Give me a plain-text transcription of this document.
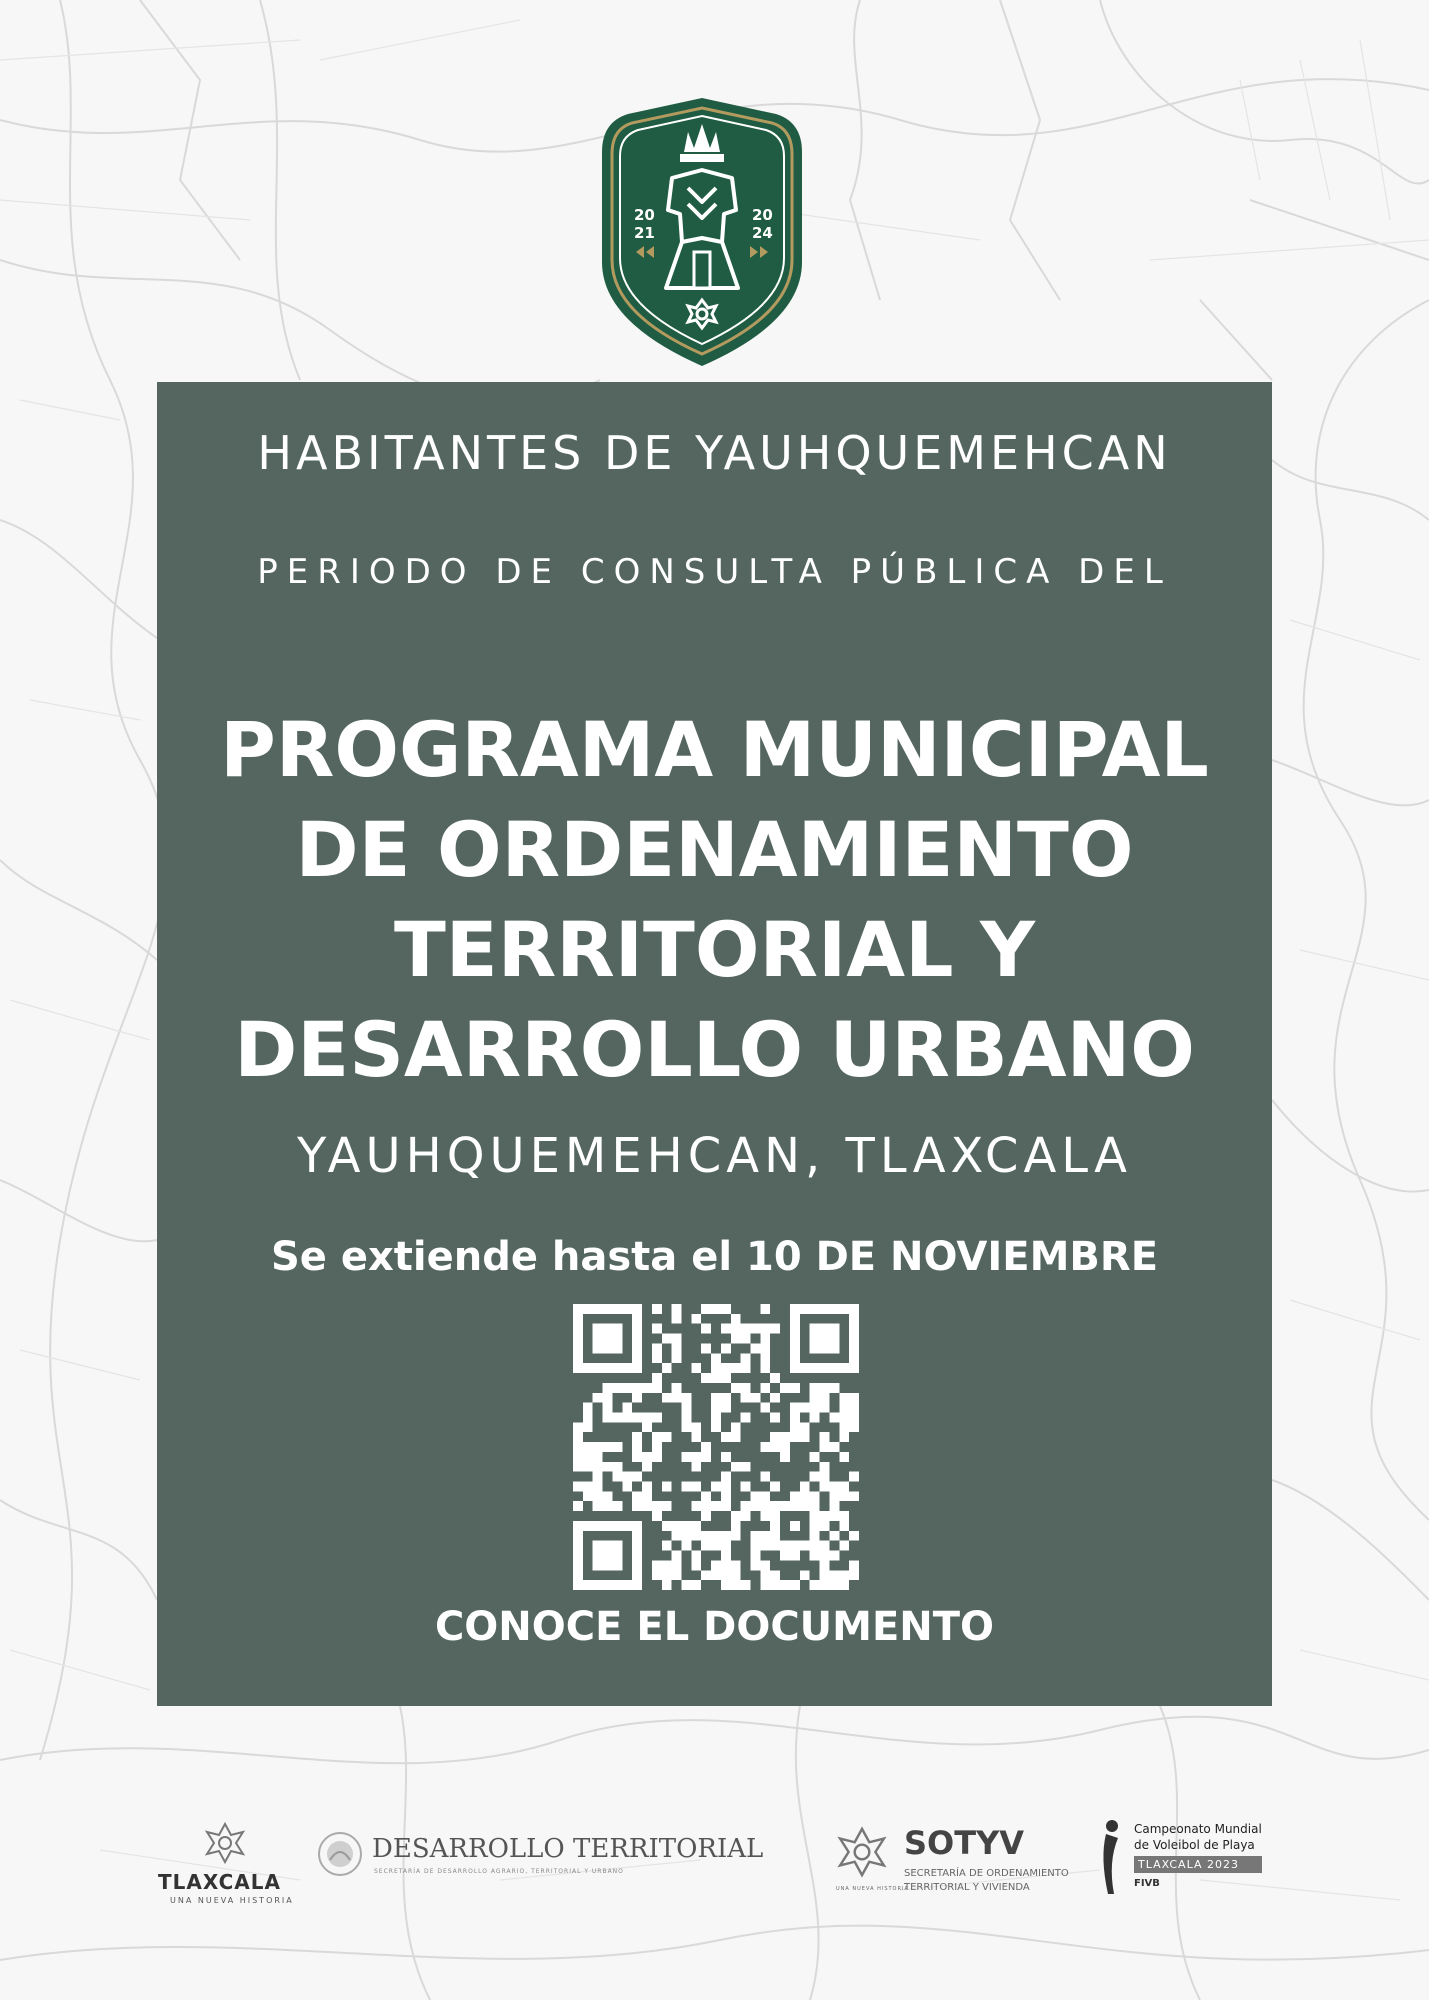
20
21
20
24

HABITANTES DE YAUHQUEMEHCAN

PERIODO DE CONSULTA PÚBLICA DEL

PROGRAMA MUNICIPAL
DE ORDENAMIENTO
TERRITORIAL Y
DESARROLLO URBANO

YAUHQUEMEHCAN, TLAXCALA

Se extiende hasta el 10 DE NOVIEMBRE

CONOCE EL DOCUMENTO

TLAXCALA
UNA NUEVA HISTORIA
DESARROLLO TERRITORIAL
SECRETARÍA DE DESARROLLO AGRARIO, TERRITORIAL Y URBANO
UNA NUEVA HISTORIA
SOTYV
SECRETARÍA DE ORDENAMIENTO
TERRITORIAL Y VIVIENDA
Campeonato Mundial
de Voleibol de Playa
TLAXCALA 2023
FIVB
